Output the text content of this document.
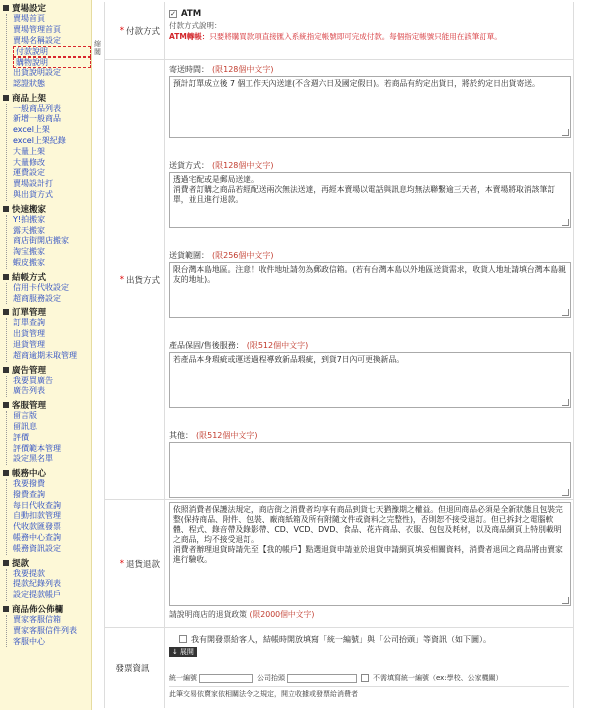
賣場設定
賣場首頁
賣場管理首頁
賣場名稱設定
付款說明
購物說明
出貨說明設定
認證狀態
商品上架
一般商品列表
新增一般商品
excel上架
excel上架紀錄
大量上架
大量修改
運費設定
賣場設計打
與出貨方式
快速搬家
Y!拍搬家
露天搬家
商店街開店搬家
淘宝搬家
蝦皮搬家
結帳方式
信用卡代收設定
超商服務設定
訂單管理
訂單查詢
出貨管理
退貨管理
超商逾期未取管理
廣告管理
我要買廣告
廣告列表
客服管理
留言版
留訊息
評價
評價範本管理
設定黑名單
帳務中心
我要撥費
撥費查詢
每日代收查詢
自動扣款管理
代收款匯發票
帳務中心查詢
帳務資訊設定
提款
我要提款
提款紀錄列表
設定提款帳戶
商品佈公佈欄
賣家客服信箱
賣家客服信件列表
客服中心
縮闔
* 付款方式
✓ ATM
付款方式說明：
ATM轉帳：只要將購買款項直接匯入系統指定帳號即可完成付款。每個指定帳號只能用在該筆訂單。
* 出貨方式
寄送時間： (限128個中文字)
預計訂單成立後 7 個工作天內送達(不含週六日及國定假日)。若商品有約定出貨日，將於約定日出貨寄送。
送貨方式： (限128個中文字)
透過宅配或是郵局送達。
消費者訂購之商品若經配送兩次無法送達，再經本賣場以電話與訊息均無法聯繫逾三天者，本賣場將取消該筆訂單，並且進行退款。
送貨範圍： (限256個中文字)
限台灣本島地區。注意！收件地址請勿為郵政信箱。(若有台灣本島以外地區送貨需求，收貨人地址請填台灣本島親友的地址)。
產品保固/售後服務： (限512個中文字)
若產品本身瑕疵或運送過程導致新品瑕疵，到貨7日內可更換新品。
其他： (限512個中文字)
* 退貨退款
依照消費者保護法規定，商店街之消費者均享有商品到貨七天猶豫期之權益。但退回商品必須是全新狀態且包裝完整(保持商品、附件、包裝、廠商紙箱及所有附隨文件或資料之完整性)，否則恕不接受退訂。但已拆封之電腦軟體、程式、錄音帶及錄影帶、CD、VCD、DVD、食品、花卉商品、衣服、包包及耗材，以及商品網頁上特別載明之商品，均不接受退訂。
消費者辦理退貨時請先至【我的帳戶】點選退貨申請並於退貨申請網頁填妥相關資料，消費者退回之商品將由賣家進行驗收。
請說明商店的退貨政策 (限2000個中文字)
發票資訊
我有開發票給客人，結帳時開放填寫「統一編號」與「公司抬頭」等資訊（如下圖）。
↓ 展開
統一編號	公司抬頭	不需填寫統一編號（ex:學校、公家機關）
此筆交易依賣家依相關法令之規定，開立收據或發票給消費者
